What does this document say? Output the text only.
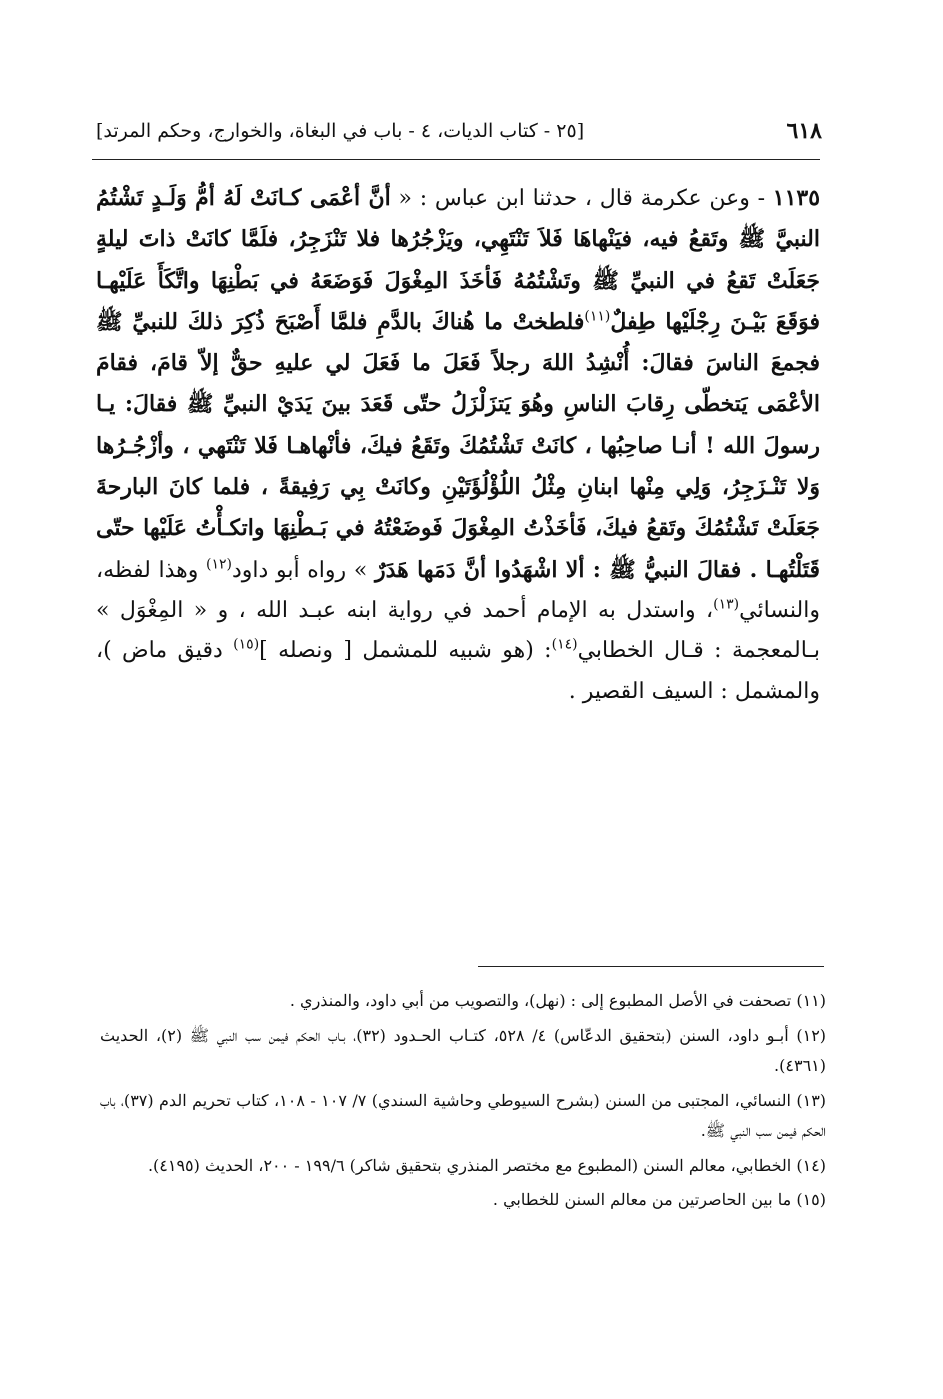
٦١٨
[٢٥ - كتاب الديات، ٤ - باب في البغاة، والخوارج، وحكم المرتد]

١١٣٥ - وعن عكرمة قال ، حدثنا ابن عباس : « أنَّ أعْمَى كـانَتْ لَهُ أمُّ وَلَـدٍ تَشْتُمُ النبيَّ ﷺ وتَقعُ فيه، فيَنْهاهَا فَلاَ تَنْتَهِي، ويَزْجُرُها فلا تَنْزَجِرُ، فلَمَّا كانَتْ ذاتَ ليلةٍ جَعَلَتْ تَقعُ في النبيِّ ﷺ وتَشْتُمُهُ فَأخَذَ المِغْوَلَ فَوَضَعَهُ في بَطْنِهَا واتَّكَأَ عَلَيْهـا فوَقَعَ بَيْـنَ رِجْلَيْها طِفلٌ$^{(١١)}$فلطختْ ما هُناكَ بالدَّمِ فلمَّا أَصْبَحَ ذُكِرَ ذلكَ للنبيِّ ﷺ فجمعَ الناسَ فقالَ: أُنْشِدُ اللهَ رجلاً فَعَلَ ما فَعَلَ لي عليهِ حقٌّ إلاّ قامَ، فقامَ الأعْمَى يَتخطّى رِقابَ الناسِ وهُوَ يَتزَلْزَلُ حتّى قَعَدَ بينَ يَدَيْ النبيِّ ﷺ فقالَ: يـا رسولَ الله ! أنـا صاحِبُها ، كانَتْ تَشْتُمُكَ وتَقَعُ فيكَ، فأنْهاهـا فَلا تَنْتَهي ، وأزْجُـرُها وَلا تَنْـزَجِرُ، وَلِي مِنْها ابنانِ مِثْلُ اللُؤْلُؤَتَيْنِ وكانَتْ بِي رَفِيقةً ، فلما كانَ البارحةَ جَعَلَتْ تَشْتُمُكَ وتَقعُ فيكَ، فَأخَذْتُ المِغْوَلَ فَوضَعْتُهُ في بَـطْنِهَا واتكـأْتُ عَلَيْها حتّى قَتَلْتُهـا . فقالَ النبيُّ ﷺ : ألا اشْهَدُوا أنَّ دَمَها هَدَرٌ » رواه أبو داود$^{(١٢)}$ وهذا لفظه، والنسائي$^{(١٣)}$، واستدل به الإمام أحمد في رواية ابنه عبـد الله ، و « المِغْوَل » بـالمعجمة : قـال الخطابي$^{(١٤)}$: (هو شبيه للمشمل [ ونصله ]$^{(١٥)}$ دقيق ماض )، والمشمل : السيف القصير .

(١١) تصحفت في الأصل المطبوع إلى : (نهل)، والتصويب من أبي داود، والمنذري .

(١٢) أبـو داود، السنن (بتحقيق الدعّاس) ٤/ ٥٢٨، كتـاب الحـدود (٣٢)، بـاب الحكم فيمن سب النبي ﷺ (٢)، الحديث (٤٣٦١).

(١٣) النسائي، المجتبى من السنن (بشرح السيوطي وحاشية السندي) ٧/ ١٠٧ - ١٠٨، كتاب تحريم الدم (٣٧)، باب الحكم فيمن سب النبي ﷺ.

(١٤) الخطابي، معالم السنن (المطبوع مع مختصر المنذري بتحقيق شاكر) ١٩٩/٦ - ٢٠٠، الحديث (٤١٩٥).

(١٥) ما بين الحاصرتين من معالم السنن للخطابي .
